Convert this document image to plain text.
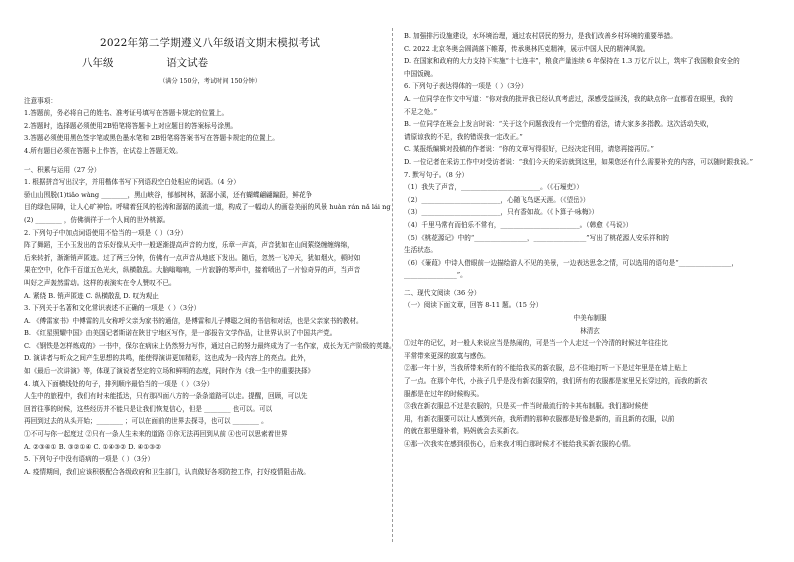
2022年第二学期遵义八年级语文期末模拟考试
八年级	语文试卷
（满分 150分，考试时间 150分钟）

注意事项：

1.答题前，务必将自己的姓名、准考证号填写在答题卡规定的位置上。

2.答题时，选择题必须使用2B铅笔将答题卡上对应题目的答案标号涂黑。

3.答题必须使用黑色签字笔或黑色墨水笔和 2B铅笔将答案书写在答题卡规定的位置上。

4.所有题目必须在答题卡上作答，在试卷上答题无效。

一、积累与运用（27 分）

1. 根据拼音写出汉字，并用楷体书写下列语段空白处相应的词语。（4 分）

骄山山围脱(1)tiǎo wàng ________，黑山峡谷，郁郁树林，潺潺小溪，还有蝴蝶翩翩蹁跹，鲜花争

目的绿色屏障，让人心旷神怡。呼啸着狂风的松涛和潺潺的溪流一道，构成了一幅动人的画卷美丽的风景 huàn rán nǎ lái ng

(2) ________ ，仿佛徜徉于一个人间的世外桃源。

2. 下列句子中加点词语使用不恰当的一项是（ ）（3分）

阵了舞蹈，王小玉发出的音乐好像从天中一般逐渐提高声音的力度，乐章一声高，声音犹如在山间萦绕缠缠绵绵，

后来转折，渐渐销声匿迹。过了两三分钟，仿佛有一点声音从地底下发出。随后，忽然一飞冲天，犹如烟火，顿时如

果在空中，化作千百道五色光火，纵横散乱。大脑嗡嗡响，一片寂静的琴声中，接着喷出了一片惊奇异的声，当声音

叫好之声轰然雷动。这样的表演实在令人赞叹不已。

A. 紧绕 B. 销声匿迹 C. 纵横散乱 D. 叹为观止

3. 下列关于名著和文化常识表述不正确的一项是（ ）（3分）

A. 《傅雷家书》中傅雷的儿女称呼父亲为家书的通信，是傅雷和儿子傅聪之间的书信和对话，也是父亲家书的教材。

B. 《红星照耀中国》由美国记者斯诺在陕甘宁地区写作，是一部报告文学作品，让世界认识了中国共产党。

C. 《钢铁是怎样炼成的》一书中，保尔在病床上仍然努力写作，通过自己的努力最终成为了一名作家，成长为无产阶级的英雄。

D. 演讲者与听众之间产生思想的共鸣，能使得演讲更加精彩，这也成为一段内容上的亮点。此外，

如《最后一次讲演》等，体现了演说者坚定的立场和鲜明的态度，同时作为《我一生中的重要抉择》

4. 填入下面横线处的句子，排列顺序最恰当的一项是（ ）（3分）

人生中的旅程中，我们有时未能抵达，只有那四面八方的一条条道路可以走。提醒，回顾，可以先

回首往事的时候，这些经历并不能只是让我们恢复信心，但是 ________ 也可以。可以

再回到过去的从头开始；________ ；可以在面前的世界去探寻，也可以 ________ 。

①不可与你一起度过 ②只有一条人生未来的道路 ③你无法再回到从前 ④也可以思索着世界

A. ②③④① B. ③②①④ C. ①④③② D. ④①③②

5. 下列句子中没有语病的一项是（ ）（3分）

A. 疫情期间，我们应该积极配合各级政府和卫生部门，认真做好各项防控工作，打好疫情阻击战。

B. 加强排污设施建设，水环境治理，通过农村居民的努力，是我们改善乡村环境的重要举措。

C. 2022 北京冬奥会圆满落下帷幕，传承奥林匹克精神，展示中国人民的精神风貌。

D. 在国家和政府的大力支持下实施“十七连丰”，粮食产量连续 6 年保持在 1.3 万亿斤以上，筑牢了我国粮食安全的

中国饭碗。

6. 下列句子表达得体的一项是（ ）（3分）

A. 一位同学在作文中写道：“你对我的批评我已经认真考虑过，深感受益匪浅，我的缺点你一直都看在眼里，我的

不足之处。”

B. 一位同学在班会上发言时说：“关于这个问题我没有一个完整的看法，请大家多多指教。这次活动失败，

请原谅我的不足，我的错误我一定改正。”

C. 某报纸编辑对投稿的作者说：“你的文章写得很好，已经决定刊用，请您再接再厉。”

D. 一位记者在采访工作中对受访者说：“我们今天的采访就到这里，如果您还有什么需要补充的内容，可以随时跟我说。”

7. 默写句子。（8 分）

（1）我失了声音，________________________。（《石壕吏》）

（2）________________________，心随飞鸟逐天涯。（《望岳》）

（3）________________________，只有香如故。（《卜算子·咏梅》）

（4）千里马常有而伯乐不常有，________________________。（韩愈《马说》）

（5）《桃花源记》中的“________________，________________”写出了桃花源人安乐祥和的

生活状态。

（6）《蒹葭》中诗人借眼前一边描绘游人不见的美景，一边表达思念之情，可以选用的语句是“________________，

________________”。

二、现代文阅读（36 分）

（一）阅读下面文章，回答 8-11 题。（15 分）

中美布制服

林清玄

①过年的记忆，对一般人来说应当是热闹的，可是当一个人走过一个冷清的时候过年往往比

平常带来更深的寂寞与感伤。

②那一年十岁，当我所带来所有的不能给我买的新衣服，总不住地打听一下是过年里是在墙上贴上

了一点。在那个年代，小孩子几乎是没有新衣服穿的，我们所有的衣服都是家里兄长穿过的，而我的新衣

服都是在过年的时候购买。

③我在新衣服总不过是衣服的，只是买一件当时最流行的卡其布制服。我们那时候使

用，有新衣服要可以让人感到兴奋，我所谓的那种衣服都是好像是新的，而且新的衣服，以前

的就在那里缝补着，妈妈就会去买新衣。

④那一次我实在感到很伤心，后来我才明白那时候才不能给我买新衣服的心情。
